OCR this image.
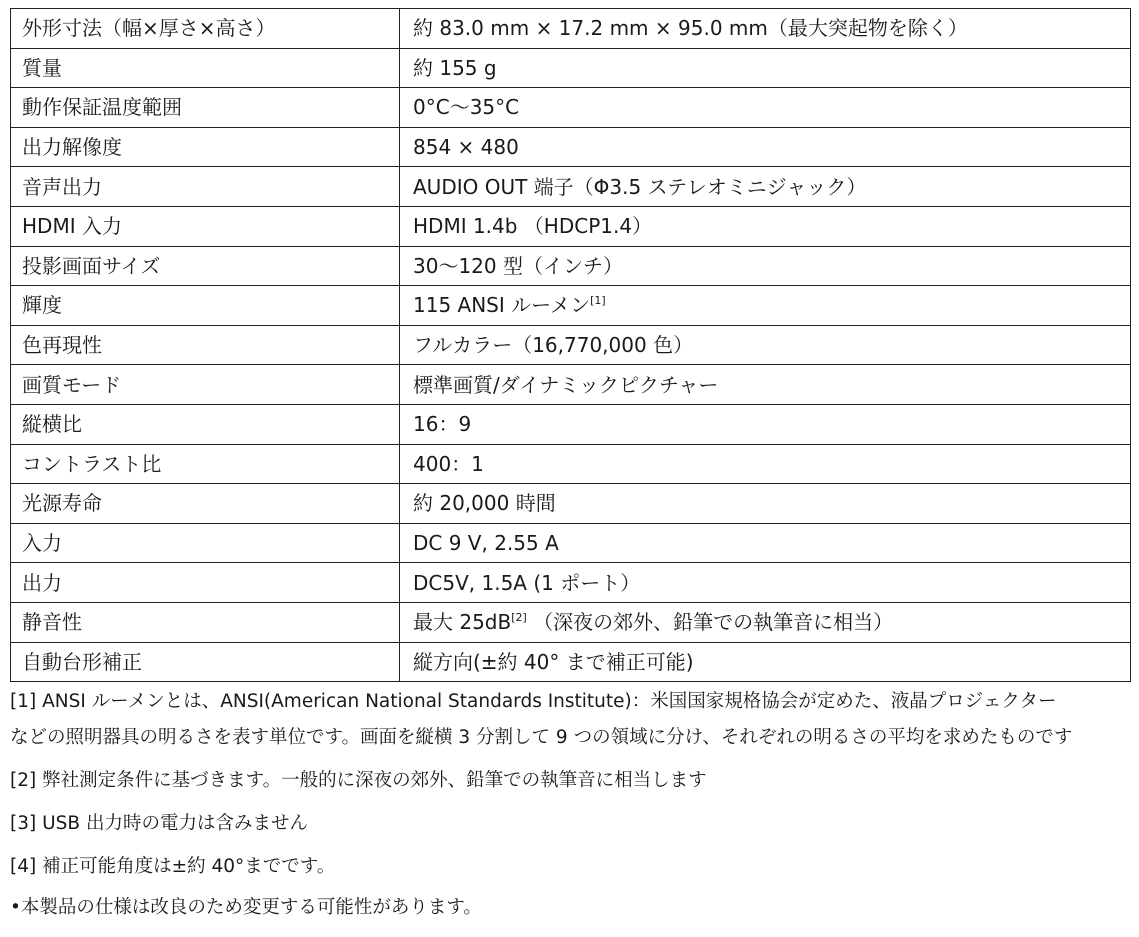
外形寸法（幅×厚さ×高さ）	約 83.0 mm × 17.2 mm × 95.0 mm（最大突起物を除く）
質量	約 155 g
動作保証温度範囲	0°C〜35°C
出力解像度	854 × 480
音声出力	AUDIO OUT 端子（Φ3.5 ステレオミニジャック）
HDMI 入力	HDMI 1.4b （HDCP1.4）
投影画面サイズ	30〜120 型（インチ）
輝度	115 ANSI ルーメン[1]
色再現性	フルカラー（16,770,000 色）
画質モード	標準画質/ダイナミックピクチャー
縦横比	16：9
コントラスト比	400：1
光源寿命	約 20,000 時間
入力	DC 9 V, 2.55 A
出力	DC5V, 1.5A (1 ポート）
静音性	最大 25dB[2] （深夜の郊外、鉛筆での執筆音に相当）
自動台形補正	縦方向(±約 40° まで補正可能)
[1] ANSI ルーメンとは、ANSI(American National Standards Institute)：米国国家規格協会が定めた、液晶プロジェクター
などの照明器具の明るさを表す単位です。画面を縦横 3 分割して 9 つの領域に分け、それぞれの明るさの平均を求めたものです
[2] 弊社測定条件に基づきます。一般的に深夜の郊外、鉛筆での執筆音に相当します
[3] USB 出力時の電力は含みません
[4] 補正可能角度は±約 40°までです。
•本製品の仕様は改良のため変更する可能性があります。
